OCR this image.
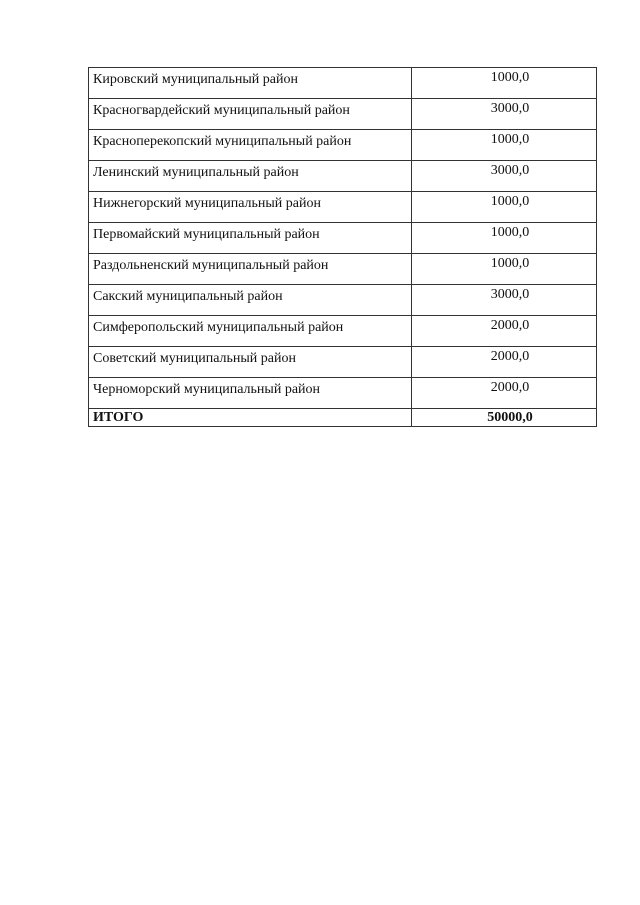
Кировский муниципальный район	1000,0
Красногвардейский муниципальный район	3000,0
Красноперекопский муниципальный район	1000,0
Ленинский муниципальный район	3000,0
Нижнегорский муниципальный район	1000,0
Первомайский муниципальный район	1000,0
Раздольненский муниципальный район	1000,0
Сакский муниципальный район	3000,0
Симферопольский муниципальный район	2000,0
Советский муниципальный район	2000,0
Черноморский муниципальный район	2000,0
ИТОГО	50000,0
